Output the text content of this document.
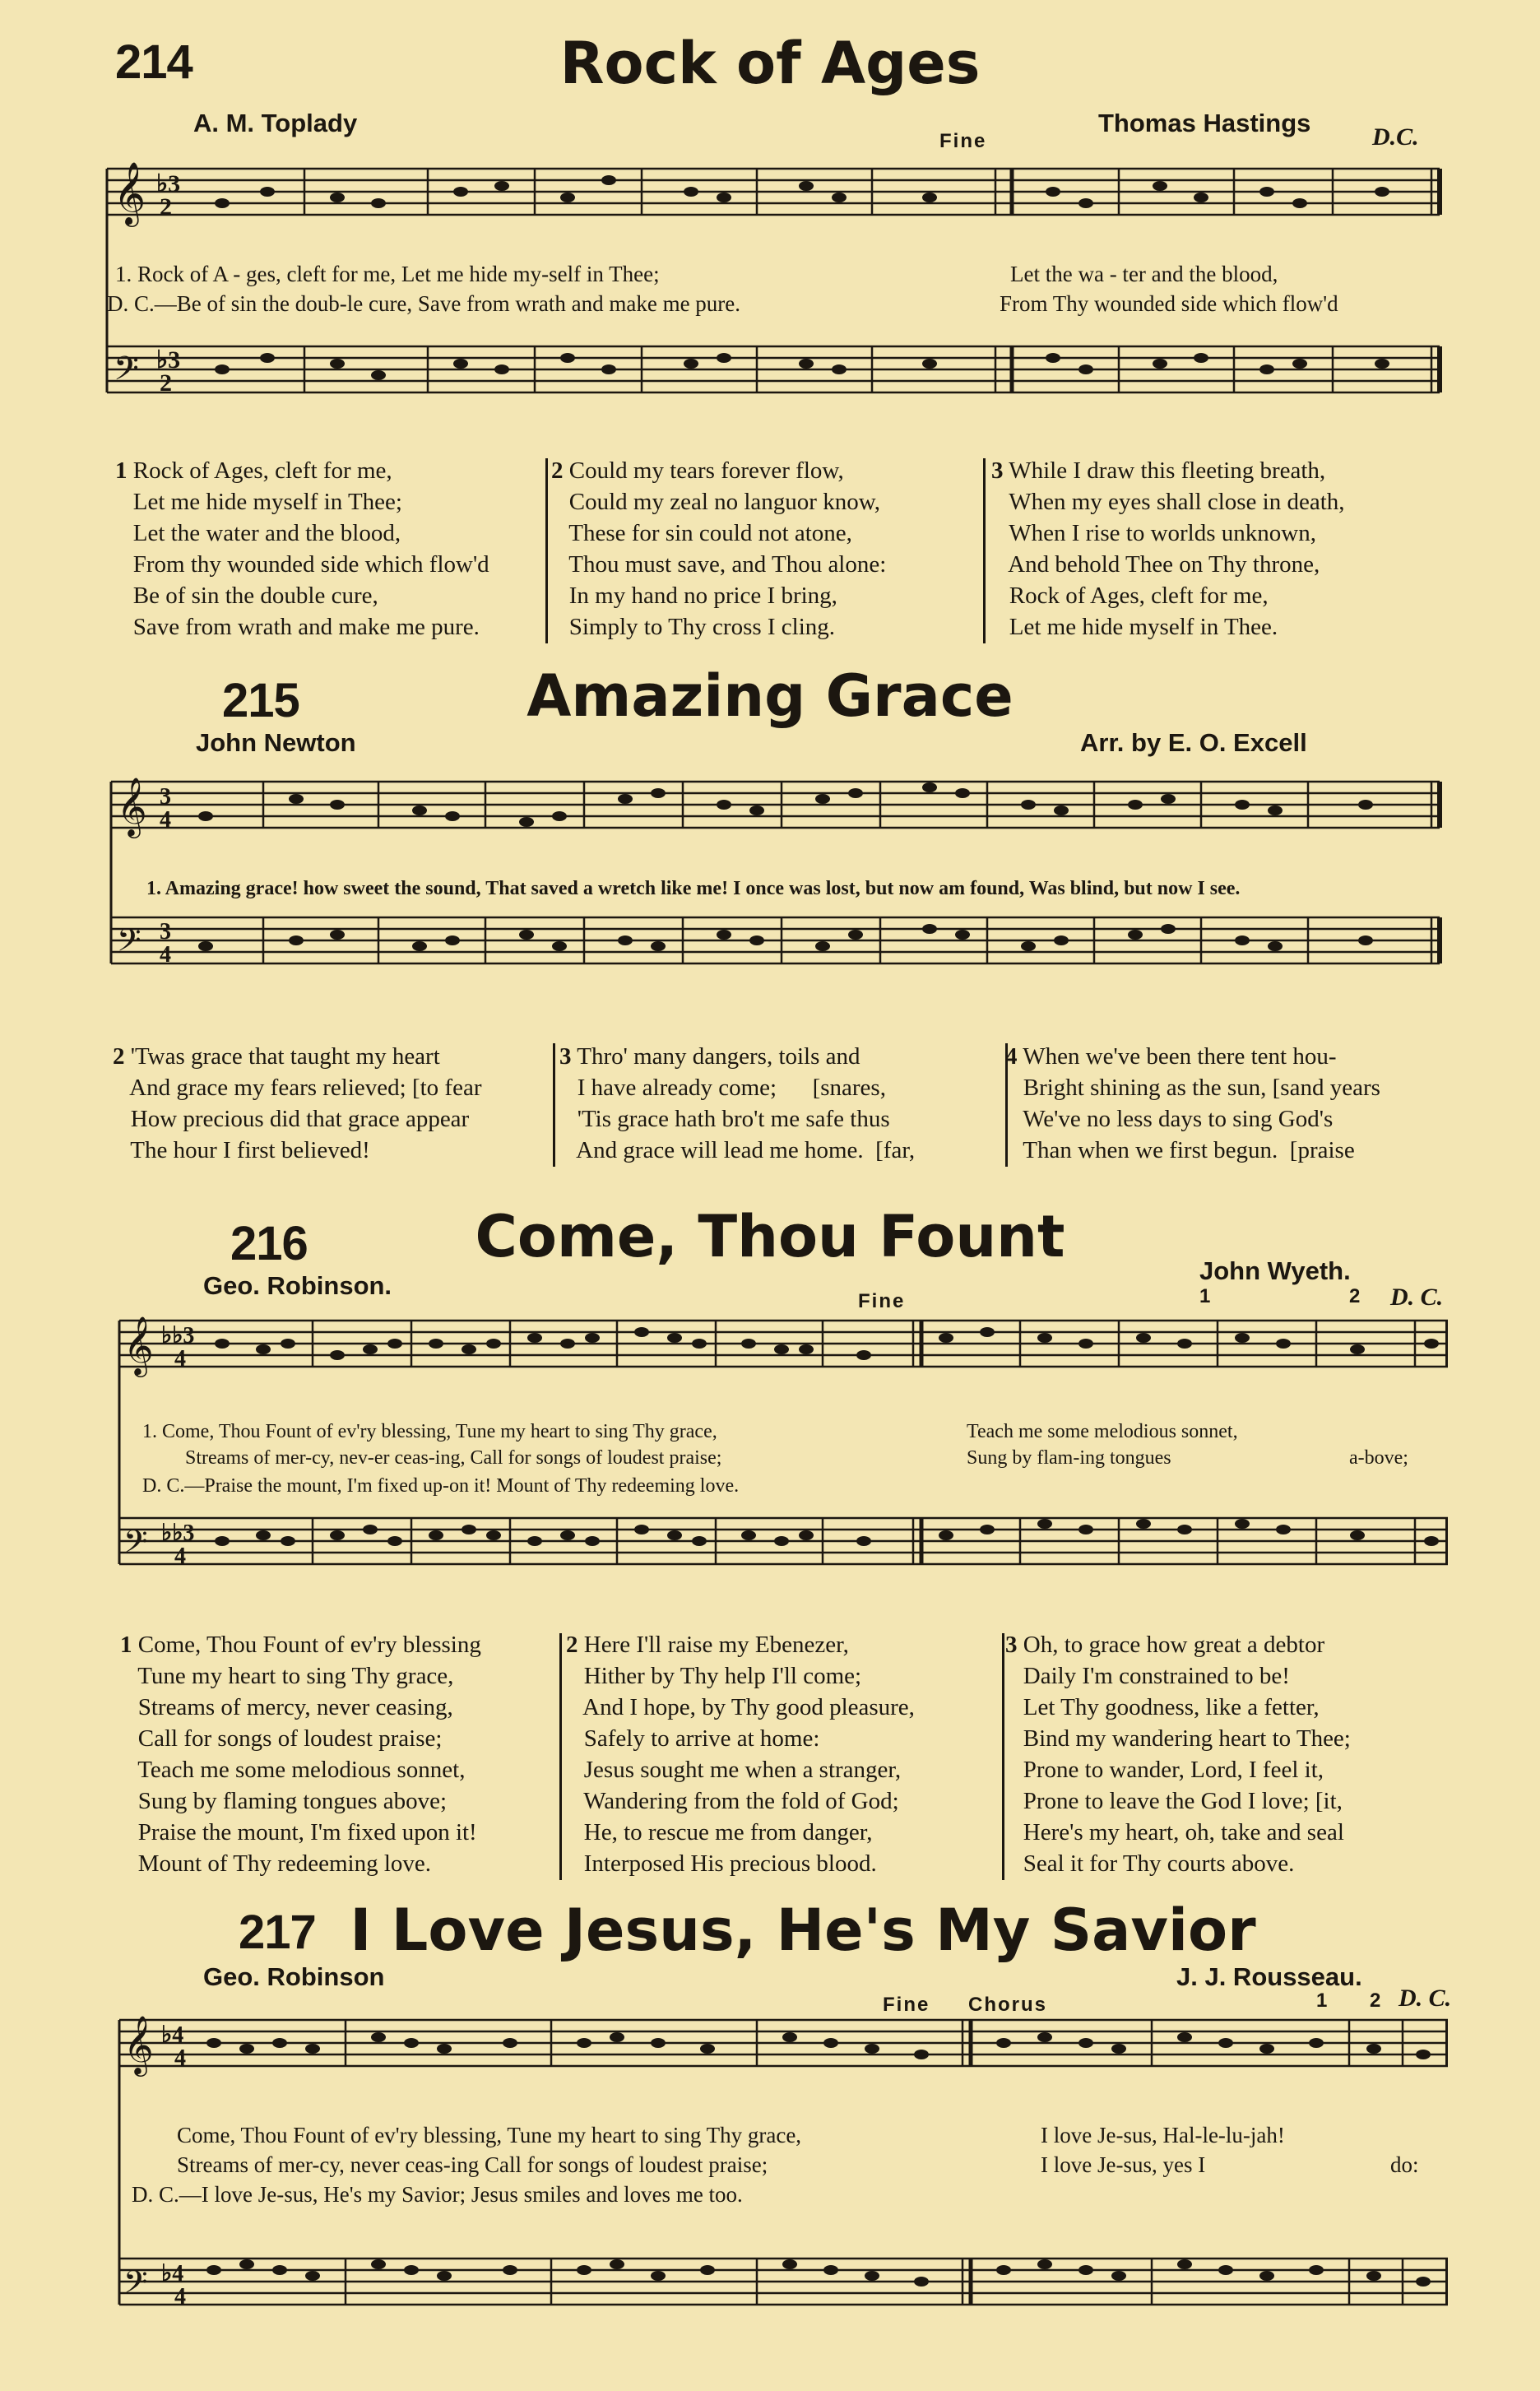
214	Rock of Ages
A. M. Toplady	Thomas Hastings
Fine	D.C.
𝄞
𝄢
♭3
2
♭3
2
1. Rock of A - ges, cleft for me, Let me hide my-self in Thee;
D. C.—Be of sin the doub-le cure, Save from wrath and make me pure.
Let the wa - ter and the blood,
From Thy wounded side which flow'd
1 Rock of Ages, cleft for me,
Let me hide myself in Thee;
Let the water and the blood,
From thy wounded side which flow'd
Be of sin the double cure,
Save from wrath and make me pure.
2 Could my tears forever flow,
Could my zeal no languor know,
These for sin could not atone,
Thou must save, and Thou alone:
In my hand no price I bring,
Simply to Thy cross I cling.
3 While I draw this fleeting breath,
When my eyes shall close in death,
When I rise to worlds unknown,
And behold Thee on Thy throne,
Rock of Ages, cleft for me,
Let me hide myself in Thee.
215	Amazing Grace
John Newton	Arr. by E. O. Excell
𝄞
𝄢
3
4
3
4
1. Amazing grace! how sweet the sound, That saved a wretch like me! I once was lost, but now am found, Was blind, but now I see.
2 'Twas grace that taught my heart
And grace my fears relieved; [to fear
How precious did that grace appear
The hour I first believed!
3 Thro' many dangers, toils and
I have already come;      [snares,
'Tis grace hath bro't me safe thus
And grace will lead me home.  [far,
4 When we've been there tent hou-
Bright shining as the sun, [sand years
We've no less days to sing God's
Than when we first begun.  [praise
216	Come, Thou Fount
Geo. Robinson.
John Wyeth.
Fine	D. C.
1	2
𝄞
𝄢
♭♭3
4
♭♭3
4
1. Come, Thou Fount of ev'ry blessing, Tune my heart to sing Thy grace,
Streams of mer-cy, nev-er ceas-ing, Call for songs of loudest praise;
D. C.—Praise the mount, I'm fixed up-on it! Mount of Thy redeeming love.
Teach me some melodious sonnet,
Sung by flam-ing tongues	a-bove;
1 Come, Thou Fount of ev'ry blessing
Tune my heart to sing Thy grace,
Streams of mercy, never ceasing,
Call for songs of loudest praise;
Teach me some melodious sonnet,
Sung by flaming tongues above;
Praise the mount, I'm fixed upon it!
Mount of Thy redeeming love.
2 Here I'll raise my Ebenezer,
Hither by Thy help I'll come;
And I hope, by Thy good pleasure,
Safely to arrive at home:
Jesus sought me when a stranger,
Wandering from the fold of God;
He, to rescue me from danger,
Interposed His precious blood.
3 Oh, to grace how great a debtor
Daily I'm constrained to be!
Let Thy goodness, like a fetter,
Bind my wandering heart to Thee;
Prone to wander, Lord, I feel it,
Prone to leave the God I love; [it,
Here's my heart, oh, take and seal
Seal it for Thy courts above.
217 I Love Jesus, He's My Savior
Geo. Robinson	J. J. Rousseau.
Fine Chorus	1 2 D. C.
𝄞
𝄢
♭4
4
♭4
4
Come, Thou Fount of ev'ry blessing, Tune my heart to sing Thy grace,
Streams of mer-cy, never ceas-ing Call for songs of loudest praise;
D. C.—I love Je-sus, He's my Savior; Jesus smiles and loves me too.
I love Je-sus, Hal-le-lu-jah!
I love Je-sus, yes I	do:
